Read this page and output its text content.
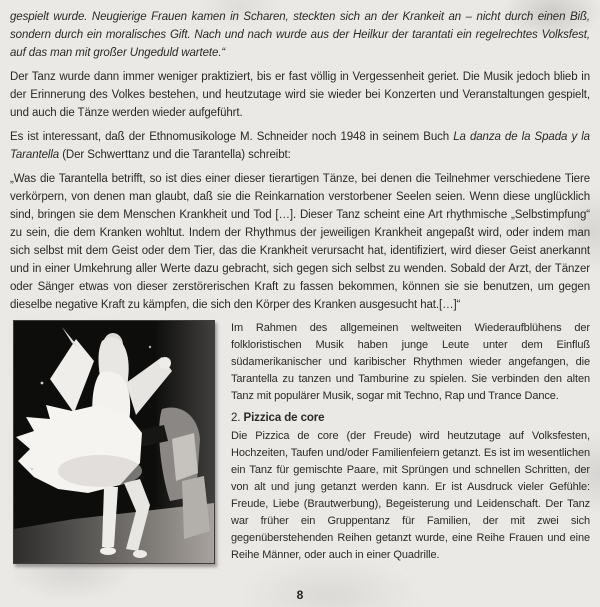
gespielt wurde. Neugierige Frauen kamen in Scharen, steckten sich an der Krankeit an – nicht durch einen Biß, sondern durch ein moralisches Gift. Nach und nach wurde aus der Heilkur der tarantati ein regelrechtes Volksfest, auf das man mit großer Ungeduld wartete.“

Der Tanz wurde dann immer weniger praktiziert, bis er fast völlig in Vergessenheit geriet. Die Musik jedoch blieb in der Erinnerung des Volkes bestehen, und heutzutage wird sie wieder bei Konzerten und Veranstaltungen gespielt, und auch die Tänze werden wieder aufgeführt.

Es ist interessant, daß der Ethnomusikologe M. Schneider noch 1948 in seinem Buch La danza de la Spada y la Tarantella (Der Schwerttanz und die Tarantella) schreibt:

„Was die Tarantella betrifft, so ist dies einer dieser tierartigen Tänze, bei denen die Teilnehmer verschiedene Tiere verkörpern, von denen man glaubt, daß sie die Reinkarnation verstorbener Seelen seien. Wenn diese unglücklich sind, bringen sie dem Menschen Krankheit und Tod […]. Dieser Tanz scheint eine Art rhythmische „Selbstimpfung“ zu sein, die dem Kranken wohltut. Indem der Rhythmus der jeweiligen Krankheit angepaßt wird, oder indem man sich selbst mit dem Geist oder dem Tier, das die Krankheit verursacht hat, identifiziert, wird dieser Geist anerkannt und in einer Umkehrung aller Werte dazu gebracht, sich gegen sich selbst zu wenden. Sobald der Arzt, der Tänzer oder Sänger etwas von dieser zerstörerischen Kraft zu fassen bekommen, können sie sie benutzen, um gegen dieselbe negative Kraft zu kämpfen, die sich den Körper des Kranken ausgesucht hat.[…]“

Im Rahmen des allgemeinen weltweiten Wiederaufblühens der folkloristischen Musik haben junge Leute unter dem Einfluß südamerikanischer und karibischer Rhythmen wieder angefangen, die Tarantella zu tanzen und Tamburine zu spielen. Sie verbinden den alten Tanz mit populärer Musik, sogar mit Techno, Rap und Trance Dance.

2. Pizzica de core

Die Pizzica de core (der Freude) wird heutzutage auf Volksfesten, Hochzeiten, Taufen und/oder Familienfeiern getanzt. Es ist im wesentlichen ein Tanz für gemischte Paare, mit Sprüngen und schnellen Schritten, der von alt und jung getanzt werden kann. Er ist Ausdruck vieler Gefühle: Freude, Liebe (Brautwerbung), Begeisterung und Leidenschaft. Der Tanz war früher ein Gruppentanz für Familien, der mit zwei sich gegenüberstehenden Reihen getanzt wurde, eine Reihe Frauen und eine Reihe Männer, oder auch in einer Quadrille.

8
